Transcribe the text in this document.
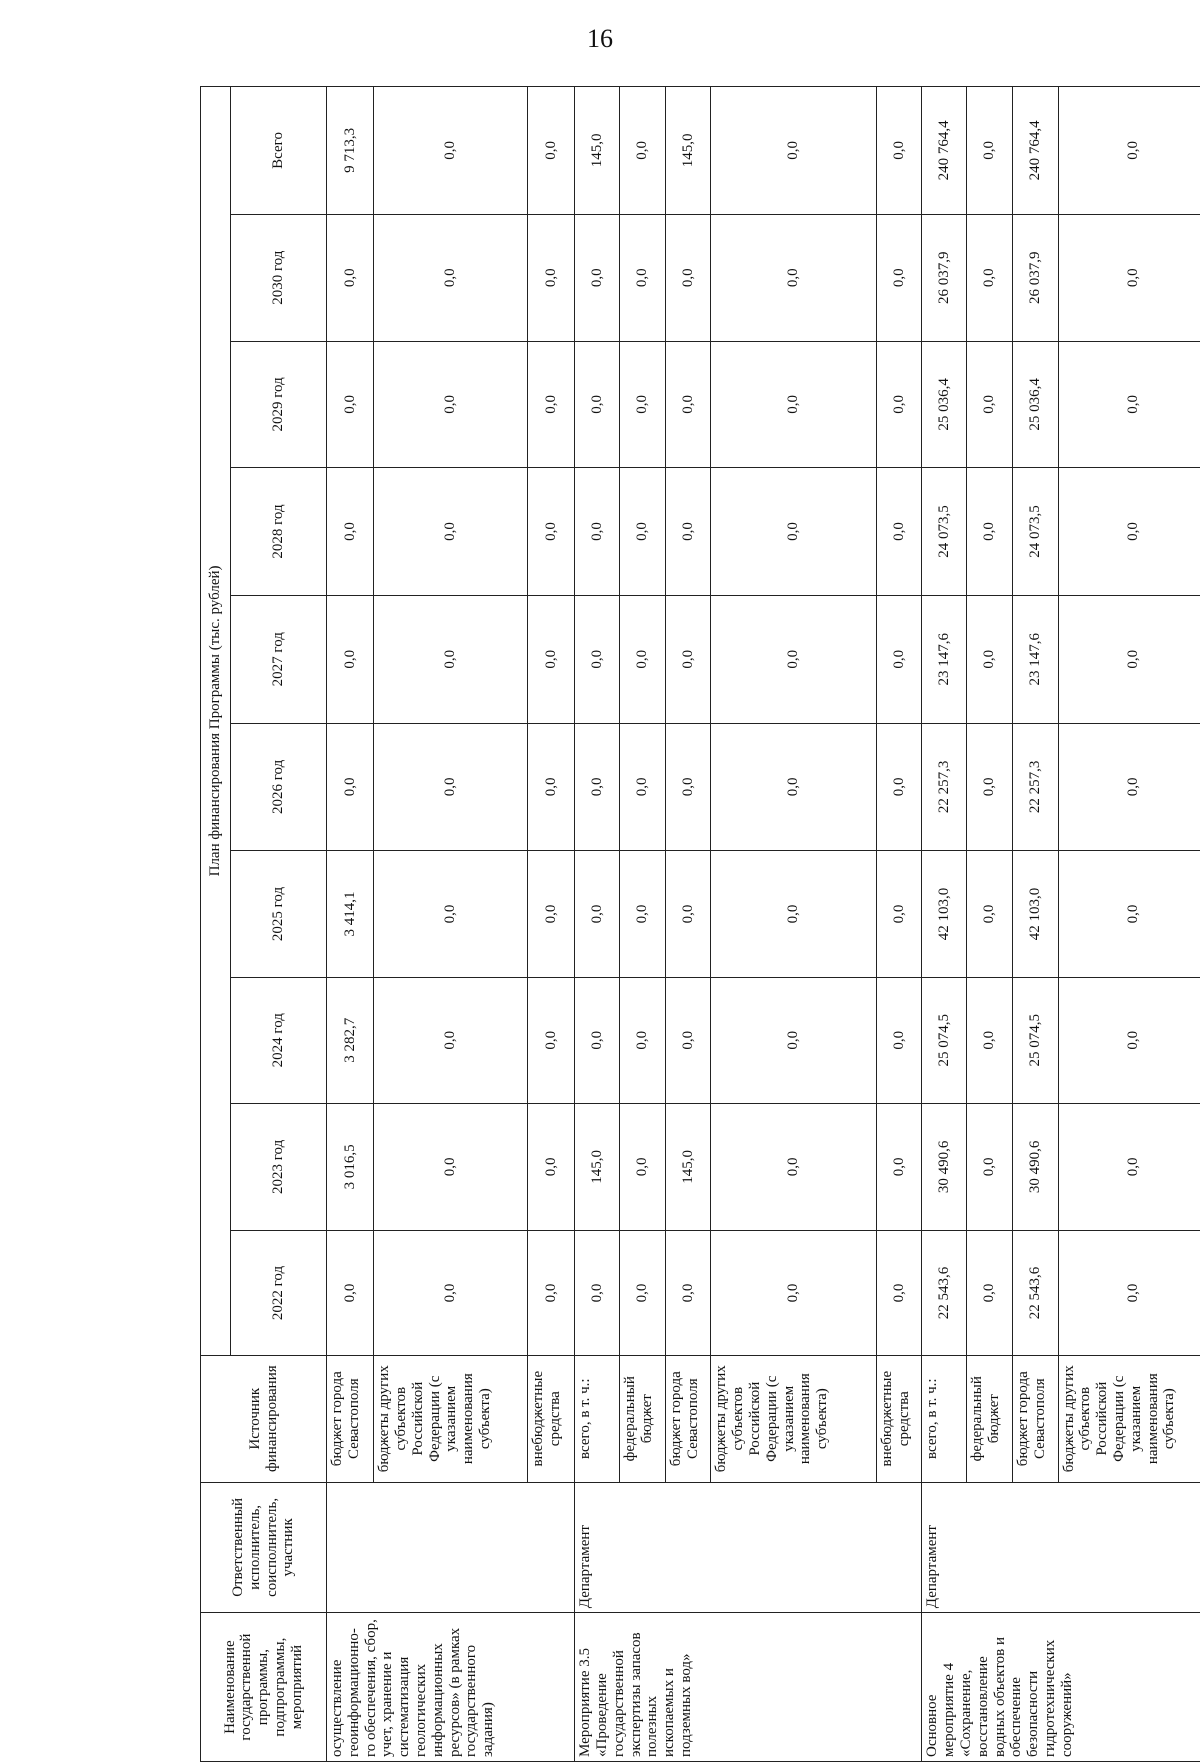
16
Наименование государственной программы, подпрограммы, мероприятий	Ответственный исполнитель, соисполнитель, участник	Источник финансирования	План финансирования Программы (тыс. рублей)									
			2022 год	2023 год	2024 год	2025 год	2026 год	2027 год	2028 год	2029 год	2030 год	Всего
осуществление геоинформационно-го обеспечения, сбор, учет, хранение и систематизация геологических информационных ресурсов» (в рамках государственного задания)		бюджет города Севастополя	0,0	3 016,5	3 282,7	3 414,1	0,0	0,0	0,0	0,0	0,0	9 713,3
		бюджеты других субъектов Российской Федерации (с указанием наименования субъекта)	0,0	0,0	0,0	0,0	0,0	0,0	0,0	0,0	0,0	0,0
		внебюджетные средства	0,0	0,0	0,0	0,0	0,0	0,0	0,0	0,0	0,0	0,0
Мероприятие 3.5 «Проведение государственной экспертизы запасов полезных ископаемых и подземных вод»	Департамент	всего, в т. ч.:	0,0	145,0	0,0	0,0	0,0	0,0	0,0	0,0	0,0	145,0
		федеральный бюджет	0,0	0,0	0,0	0,0	0,0	0,0	0,0	0,0	0,0	0,0
		бюджет города Севастополя	0,0	145,0	0,0	0,0	0,0	0,0	0,0	0,0	0,0	145,0
		бюджеты других субъектов Российской Федерации (с указанием наименования субъекта)	0,0	0,0	0,0	0,0	0,0	0,0	0,0	0,0	0,0	0,0
		внебюджетные средства	0,0	0,0	0,0	0,0	0,0	0,0	0,0	0,0	0,0	0,0
Основное мероприятие 4 «Сохранение, восстановление водных объектов и обеспечение безопасности гидротехнических сооружений»	Департамент	всего, в т. ч.:	22 543,6	30 490,6	25 074,5	42 103,0	22 257,3	23 147,6	24 073,5	25 036,4	26 037,9	240 764,4
		федеральный бюджет	0,0	0,0	0,0	0,0	0,0	0,0	0,0	0,0	0,0	0,0
		бюджет города Севастополя	22 543,6	30 490,6	25 074,5	42 103,0	22 257,3	23 147,6	24 073,5	25 036,4	26 037,9	240 764,4
		бюджеты других субъектов Российской Федерации (с указанием наименования субъекта)	0,0	0,0	0,0	0,0	0,0	0,0	0,0	0,0	0,0	0,0
